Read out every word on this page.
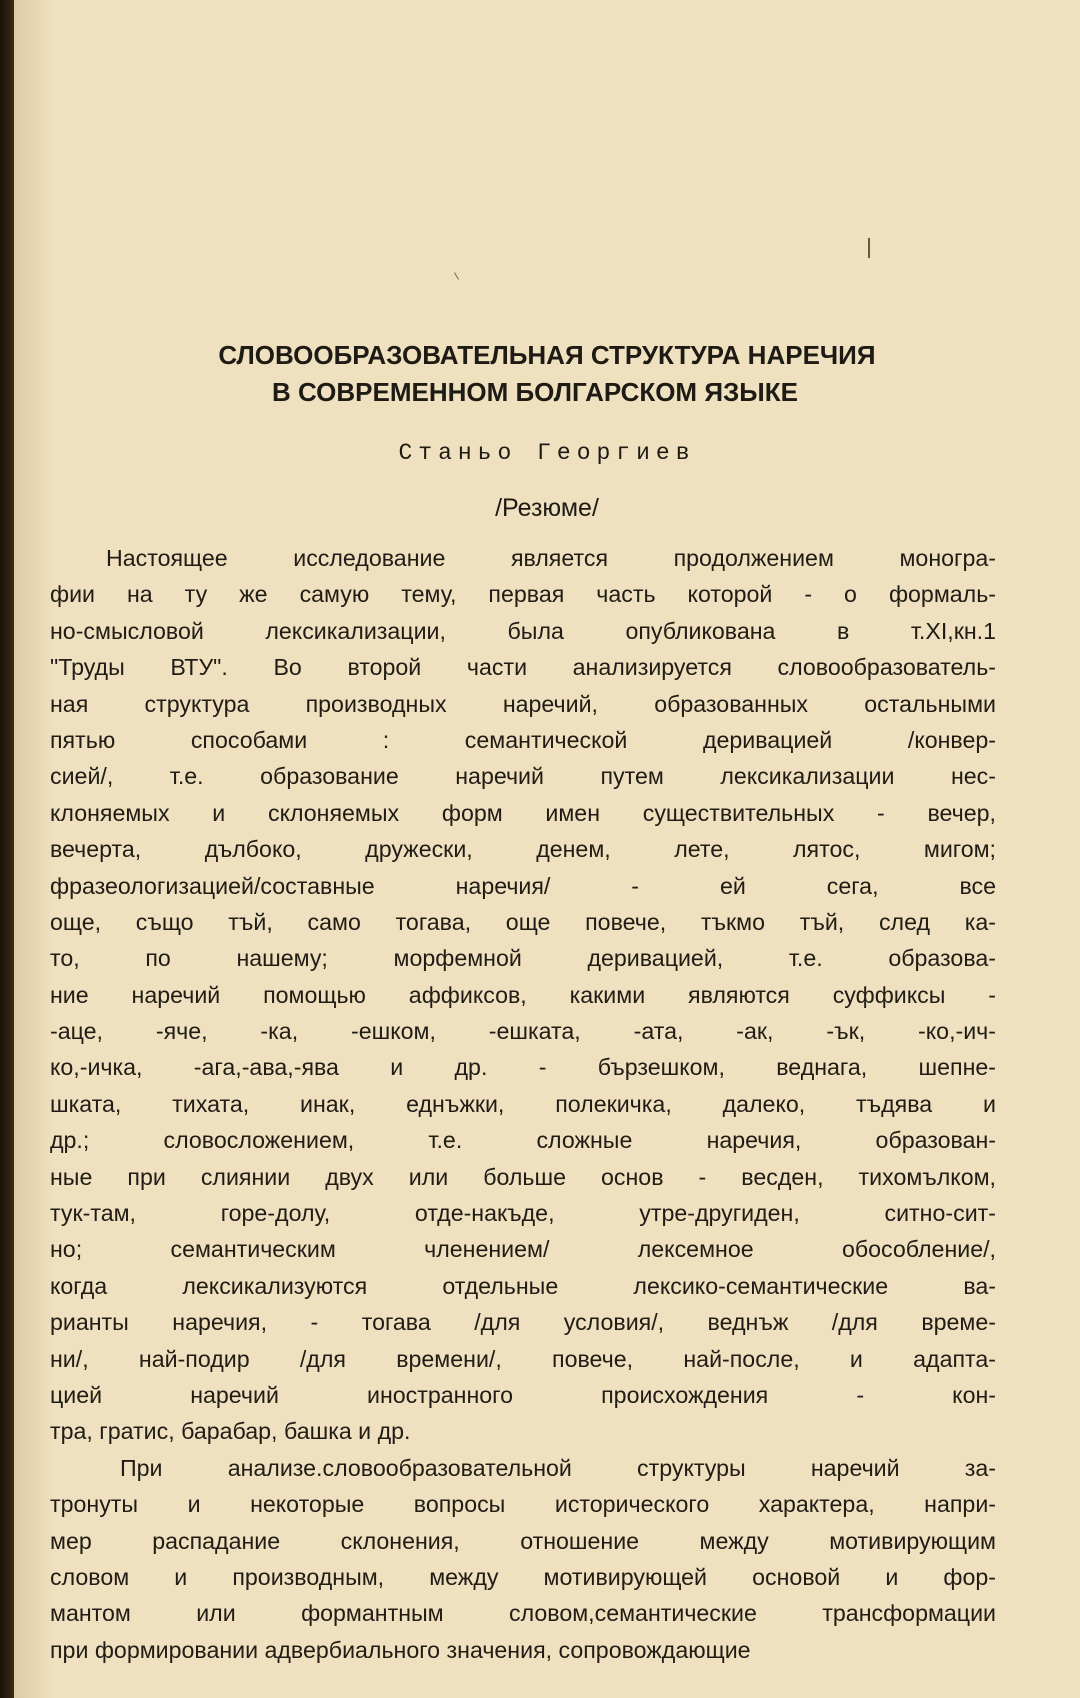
СЛОВООБРАЗОВАТЕЛЬНАЯ СТРУКТУРА НАРЕЧИЯ
В СОВРЕМЕННОМ БОЛГАРСКОМ ЯЗЫКЕ
Станьо Георгиев
/Резюме/
Настоящее исследование является продолжением моногра-
фии на ту же самую тему, первая часть которой - о формаль-
но-смысловой лексикализации, была опубликована в т.XI,кн.1
"Труды ВТУ". Во второй части анализируется словообразователь-
ная структура производных наречий, образованных остальными
пятью способами : семантической деривацией /конвер-
сией/, т.е. образование наречий путем лексикализации нес-
клоняемых и склоняемых форм имен существительных - вечер,
вечерта, дълбоко, дружески, денем, лете, лятос, мигом;
фразеологизацией/составные наречия/ - ей сега, все
още, също тъй, само тогава, още повече, тъкмо тъй, след ка-
то, по нашему; морфемной деривацией, т.е. образова-
ние наречий помощью аффиксов, какими являются суффиксы -
-аце, -яче, -ка, -ешком, -ешката, -ата, -ак, -ък, -ко,-ич-
ко,-ичка, -ага,-ава,-ява и др. - бързешком, веднага, шепне-
шката, тихата, инак, еднъжки, полекичка, далеко, тъдява и
др.; словосложением, т.е. сложные наречия, образован-
ные при слиянии двух или больше основ - весден, тихомълком,
тук-там, горе-долу, отде-накъде, утре-другиден, ситно-сит-
но; семантическим членением/ лексемное обособление/,
когда лексикализуются отдельные лексико-семантические ва-
рианты наречия, - тогава /для условия/, веднъж /для време-
ни/, най-подир /для времени/, повече, най-после, и адапта-
цией наречий иностранного происхождения - кон-
тра, гратис, барабар, башка и др.
При анализе.словообразовательной структуры наречий за-
тронуты и некоторые вопросы исторического характера, напри-
мер распадание склонения, отношение между мотивирующим
словом и производным, между мотивирующей основой и фор-
мантом или формантным словом,семантические трансформации
при формировании адвербиального значения, сопровождающие
